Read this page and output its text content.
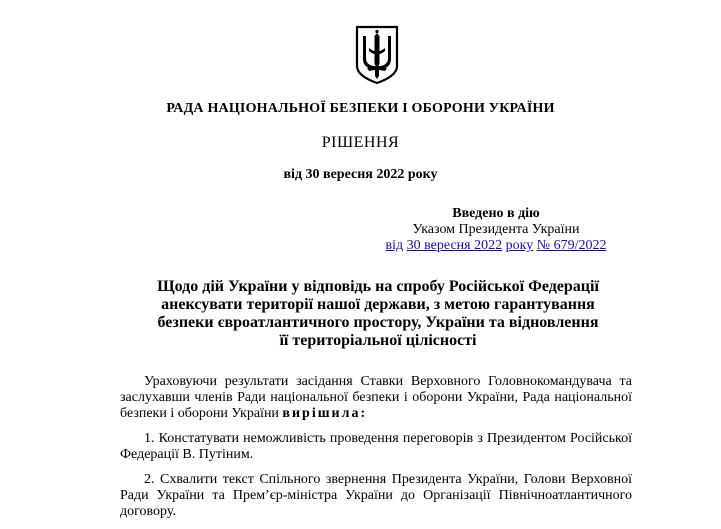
РАДА НАЦІОНАЛЬНОЇ БЕЗПЕКИ І ОБОРОНИ УКРАЇНИ
РІШЕННЯ
від 30 вересня 2022 року
Введено в дію
Указом Президента України
від 30 вересня 2022 року № 679/2022
Щодо дій України у відповідь на спробу Російської Федерації
анексувати території нашої держави, з метою гарантування
безпеки євроатлантичного простору, України та відновлення
її територіальної цілісності

Ураховуючи результати засідання Ставки Верховного Головнокомандувача та заслухавши членів Ради національної безпеки і оборони України, Рада національної безпеки і оборони України вирішила:

1. Констатувати неможливість проведення переговорів з Президентом Російської Федерації В. Путіним.

2. Схвалити текст Спільного звернення Президента України, Голови Верховної Ради України та Прем’єр-міністра України до Організації Північноатлантичного договору.
